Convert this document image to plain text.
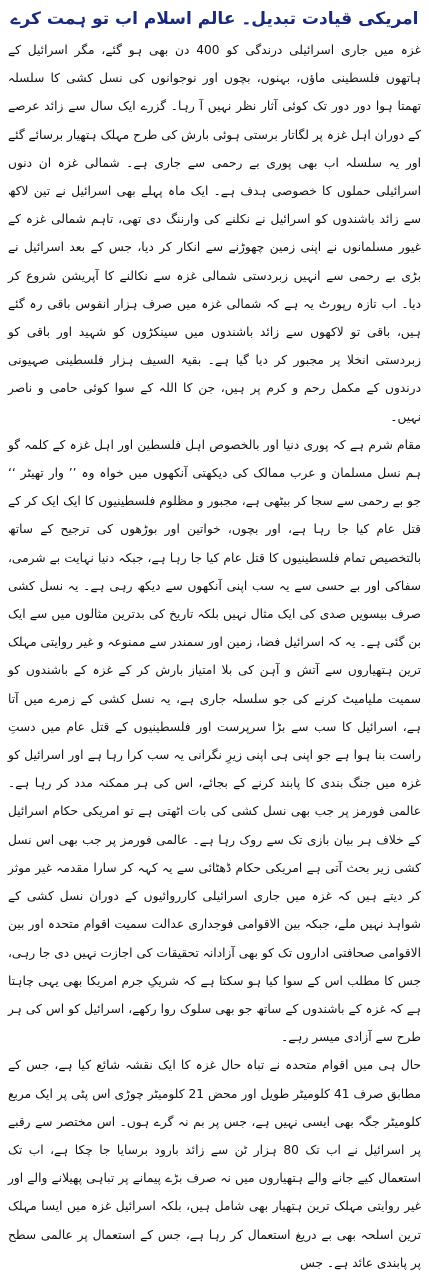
امریکی قیادت تبدیل۔ عالم اسلام اب تو ہمت کرے

غزہ میں جاری اسرائیلی درندگی کو 400 دن بھی ہو گئے، مگر اسرائیل کے ہاتھوں فلسطینی ماؤں، بہنوں، بچوں اور نوجوانوں کی نسل کشی کا سلسلہ تھمتا ہوا دور دور تک کوئی آثار نظر نہیں آ رہا۔ گزرے ایک سال سے زائد عرصے کے دوران اہل غزہ پر لگاتار برستی ہوئی بارش کی طرح مہلک ہتھیار برسائے گئے اور یہ سلسلہ اب بھی پوری بے رحمی سے جاری ہے۔ شمالی غزہ ان دنوں اسرائیلی حملوں کا خصوصی ہدف ہے۔ ایک ماہ پہلے بھی اسرائیل نے تین لاکھ سے زائد باشندوں کو اسرائیل نے نکلنے کی وارننگ دی تھی، تاہم شمالی غزہ کے غیور مسلمانوں نے اپنی زمین چھوڑنے سے انکار کر دیا، جس کے بعد اسرائیل نے بڑی بے رحمی سے انہیں زبردستی شمالی غزہ سے نکالنے کا آپریشن شروع کر دیا۔ اب تازہ رپورٹ یہ ہے کہ شمالی غزہ میں صرف ہزار انفوس باقی رہ گئے ہیں، باقی تو لاکھوں سے زائد باشندوں میں سینکڑوں کو شہید اور باقی کو زبردستی انخلا پر مجبور کر دیا گیا ہے۔ بقیۃ السیف ہزار فلسطینی صہیونی درندوں کے مکمل رحم و کرم پر ہیں، جن کا اللہ کے سوا کوئی حامی و ناصر نہیں۔

مقام شرم ہے کہ پوری دنیا اور بالخصوص اہل فلسطین اور اہل غزہ کے کلمہ گو ہم نسل مسلمان و عرب ممالک کی دیکھتی آنکھوں میں خواہ وہ ’’ وار تھیٹر ‘‘ جو بے رحمی سے سجا کر بیٹھی ہے، مجبور و مظلوم فلسطینیوں کا ایک ایک کر کے قتل عام کیا جا رہا ہے، اور بچوں، خواتین اور بوڑھوں کی ترجیح کے ساتھ بالتخصیص تمام فلسطینیوں کا قتل عام کیا جا رہا ہے، جبکہ دنیا نہایت بے شرمی، سفاکی اور بے حسی سے یہ سب اپنی آنکھوں سے دیکھ رہی ہے۔ یہ نسل کشی صرف بیسویں صدی کی ایک مثال نہیں بلکہ تاریخ کی بدترین مثالوں میں سے ایک بن گئی ہے۔ یہ کہ اسرائیل فضا، زمین اور سمندر سے ممنوعہ و غیر روایتی مہلک ترین ہتھیاروں سے آتش و آہن کی بلا امتیاز بارش کر کے غزہ کے باشندوں کو سمیت ملیامیٹ کرنے کی جو سلسلہ جاری ہے، یہ نسل کشی کے زمرے میں آتا ہے، اسرائیل کا سب سے بڑا سرپرست اور فلسطینیوں کے قتل عام میں دستِ راست بنا ہوا ہے جو اپنی ہی اپنی زیرِ نگرانی یہ سب کرا رہا ہے اور اسرائیل کو غزہ میں جنگ بندی کا پابند کرنے کے بجائے، اس کی ہر ممکنہ مدد کر رہا ہے۔ عالمی فورمز پر جب بھی نسل کشی کی بات اٹھتی ہے تو امریکی حکام اسرائیل کے خلاف ہر بیان بازی تک سے روک رہا ہے۔ عالمی فورمز پر جب بھی اس نسل کشی زیر بحث آتی ہے امریکی حکام ڈھٹائی سے یہ کہہ کر سارا مقدمہ غیر موثر کر دیتے ہیں کہ غزہ میں جاری اسرائیلی کارروائیوں کے دوران نسل کشی کے شواہد نہیں ملے، جبکہ بین الاقوامی فوجداری عدالت سمیت اقوام متحدہ اور بین الاقوامی صحافتی اداروں تک کو بھی آزادانہ تحقیقات کی اجازت نہیں دی جا رہی، جس کا مطلب اس کے سوا کیا ہو سکتا ہے کہ شریکِ جرم امریکا بھی یہی چاہتا ہے کہ غزہ کے باشندوں کے ساتھ جو بھی سلوک روا رکھے، اسرائیل کو اس کی ہر طرح سے آزادی میسر رہے۔

حال ہی میں اقوام متحدہ نے تباہ حال غزہ کا ایک نقشہ شائع کیا ہے، جس کے مطابق صرف 41 کلومیٹر طویل اور محض 21 کلومیٹر چوڑی اس پٹی پر ایک مربع کلومیٹر جگہ بھی ایسی نہیں ہے، جس پر بم نہ گرے ہوں۔ اس مختصر سے رقبے پر اسرائیل نے اب تک 80 ہزار ٹن سے زائد بارود برسایا جا چکا ہے، اب تک استعمال کیے جانے والے ہتھیاروں میں نہ صرف بڑے پیمانے پر تباہی پھیلانے والے اور غیر روایتی مہلک ترین ہتھیار بھی شامل ہیں، بلکہ اسرائیل غزہ میں ایسا مہلک ترین اسلحہ بھی بے دریغ استعمال کر رہا ہے، جس کے استعمال پر عالمی سطح پر پابندی عائد ہے۔ جس
